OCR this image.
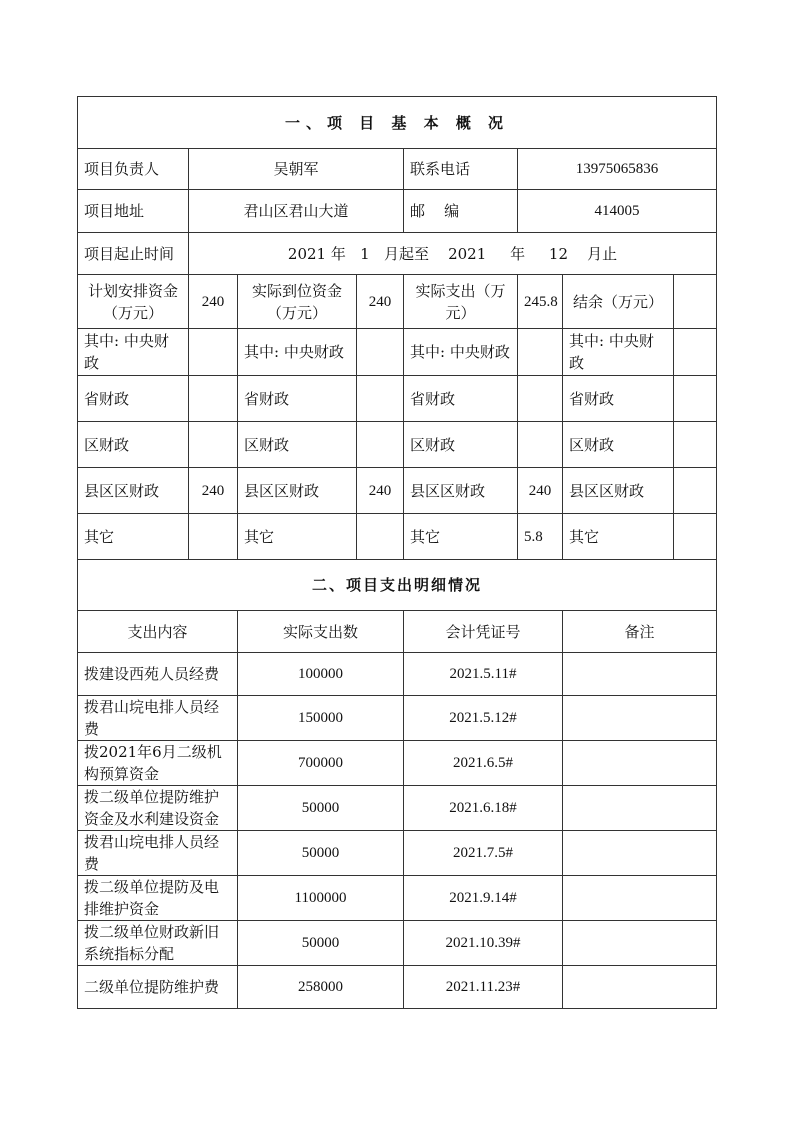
一、项 目 基 本 概 况							
项目负责人	吴朝军			联系电话	13975065836		
项目地址	君山区君山大道			邮    编	414005		
项目起止时间	2021 年   1   月起至    2021     年     12    月止						
计划安排资金（万元）	240	实际到位资金（万元）	240	实际支出（万元）	245.8	结余（万元）	
其中: 中央财政		其中: 中央财政		其中: 中央财政		其中: 中央财政	
省财政		省财政		省财政		省财政	
区财政		区财政		区财政		区财政	
县区区财政	240	县区区财政	240	县区区财政	240	县区区财政	
其它		其它		其它	5.8	其它	
二、项目支出明细情况							
支出内容		实际支出数		会计凭证号		备注	
拨建设西苑人员经费		100000		2021.5.11#			
拨君山垸电排人员经费		150000		2021.5.12#			
拨2021年6月二级机构预算资金		700000		2021.6.5#			
拨二级单位提防维护资金及水利建设资金		50000		2021.6.18#			
拨君山垸电排人员经费		50000		2021.7.5#			
拨二级单位提防及电排维护资金		1100000		2021.9.14#			
拨二级单位财政新旧系统指标分配		50000		2021.10.39#			
二级单位提防维护费		258000		2021.11.23#			
